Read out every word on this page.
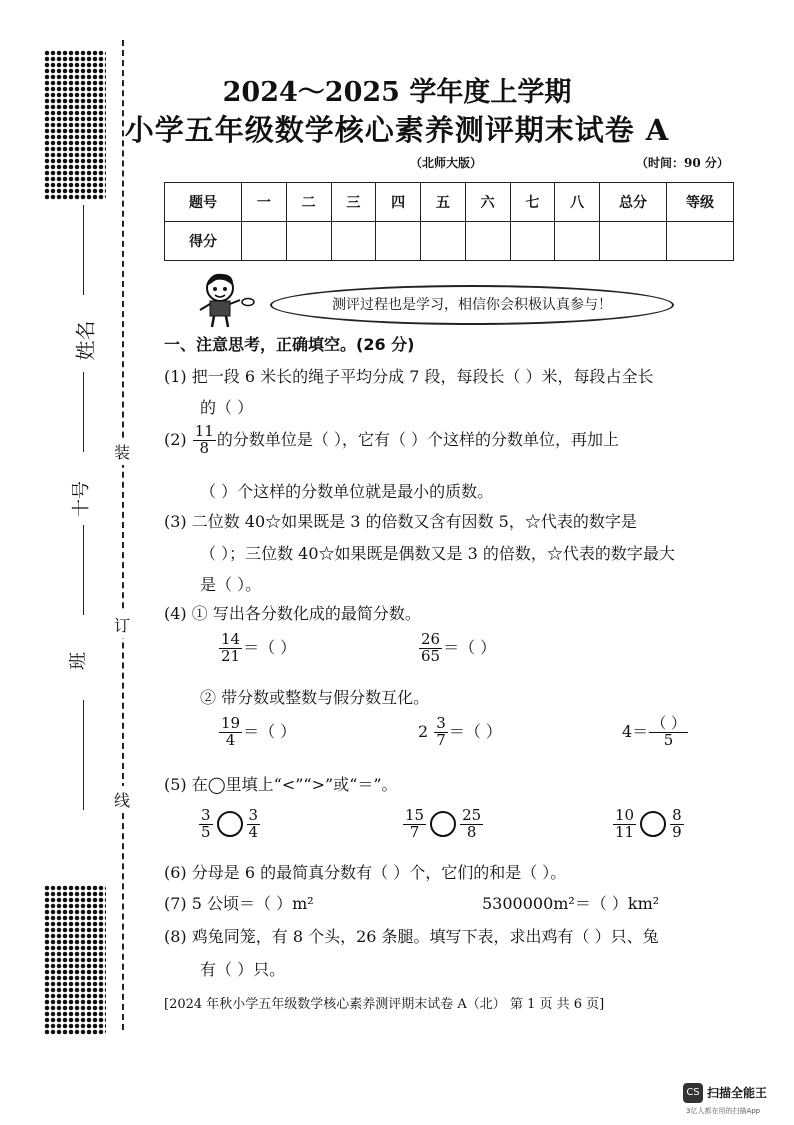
姓名
十号
班
装
订
线
2024～2025 学年度上学期
小学五年级数学核心素养测评期末试卷 A
（北师大版）	（时间：90 分）
题号	一	二	三	四	五	六	七	八	总分	等级
得分										
测评过程也是学习，相信你会积极认真参与！
一、注意思考，正确填空。(26 分)
(1) 把一段 6 米长的绳子平均分成 7 段，每段长（ ）米，每段占全长
的（ ）
$(2) \frac{11}{8}$ 的分数单位是（ ），它有（ ）个这样的分数单位，再加上
（ ）个这样的分数单位就是最小的质数。
(3) 二位数 40☆如果既是 3 的倍数又含有因数 5，☆代表的数字是
（ ）；三位数 40☆如果既是偶数又是 3 的倍数，☆代表的数字最大
是（ ）。
(4) ① 写出各分数化成的最简分数。
$\frac{14}{21}$ ＝（ ）	$\frac{26}{65}$ ＝（ ）
② 带分数或整数与假分数互化。
$\frac{19}{4}$ ＝（ ）	$2 \frac{3}{7}$ ＝（ ）	$4= \frac{( )}{5}$
(5) 在◯里填上“<”“>”或“＝”。
$\frac{3}{5} \frac{3}{4}$	$\frac{15}{7} \frac{25}{8}$	$\frac{10}{11} \frac{8}{9}$
(6) 分母是 6 的最简真分数有（ ）个，它们的和是（ ）。
(7) 5 公顷＝（ ）m²	5300000m²＝（ ）km²
(8) 鸡兔同笼，有 8 个头，26 条腿。填写下表，求出鸡有（ ）只、兔
有（ ）只。
[2024 年秋小学五年级数学核心素养测评期末试卷 A（北） 第 1 页 共 6 页]
CS 扫描全能王
3亿人都在用的扫描App
